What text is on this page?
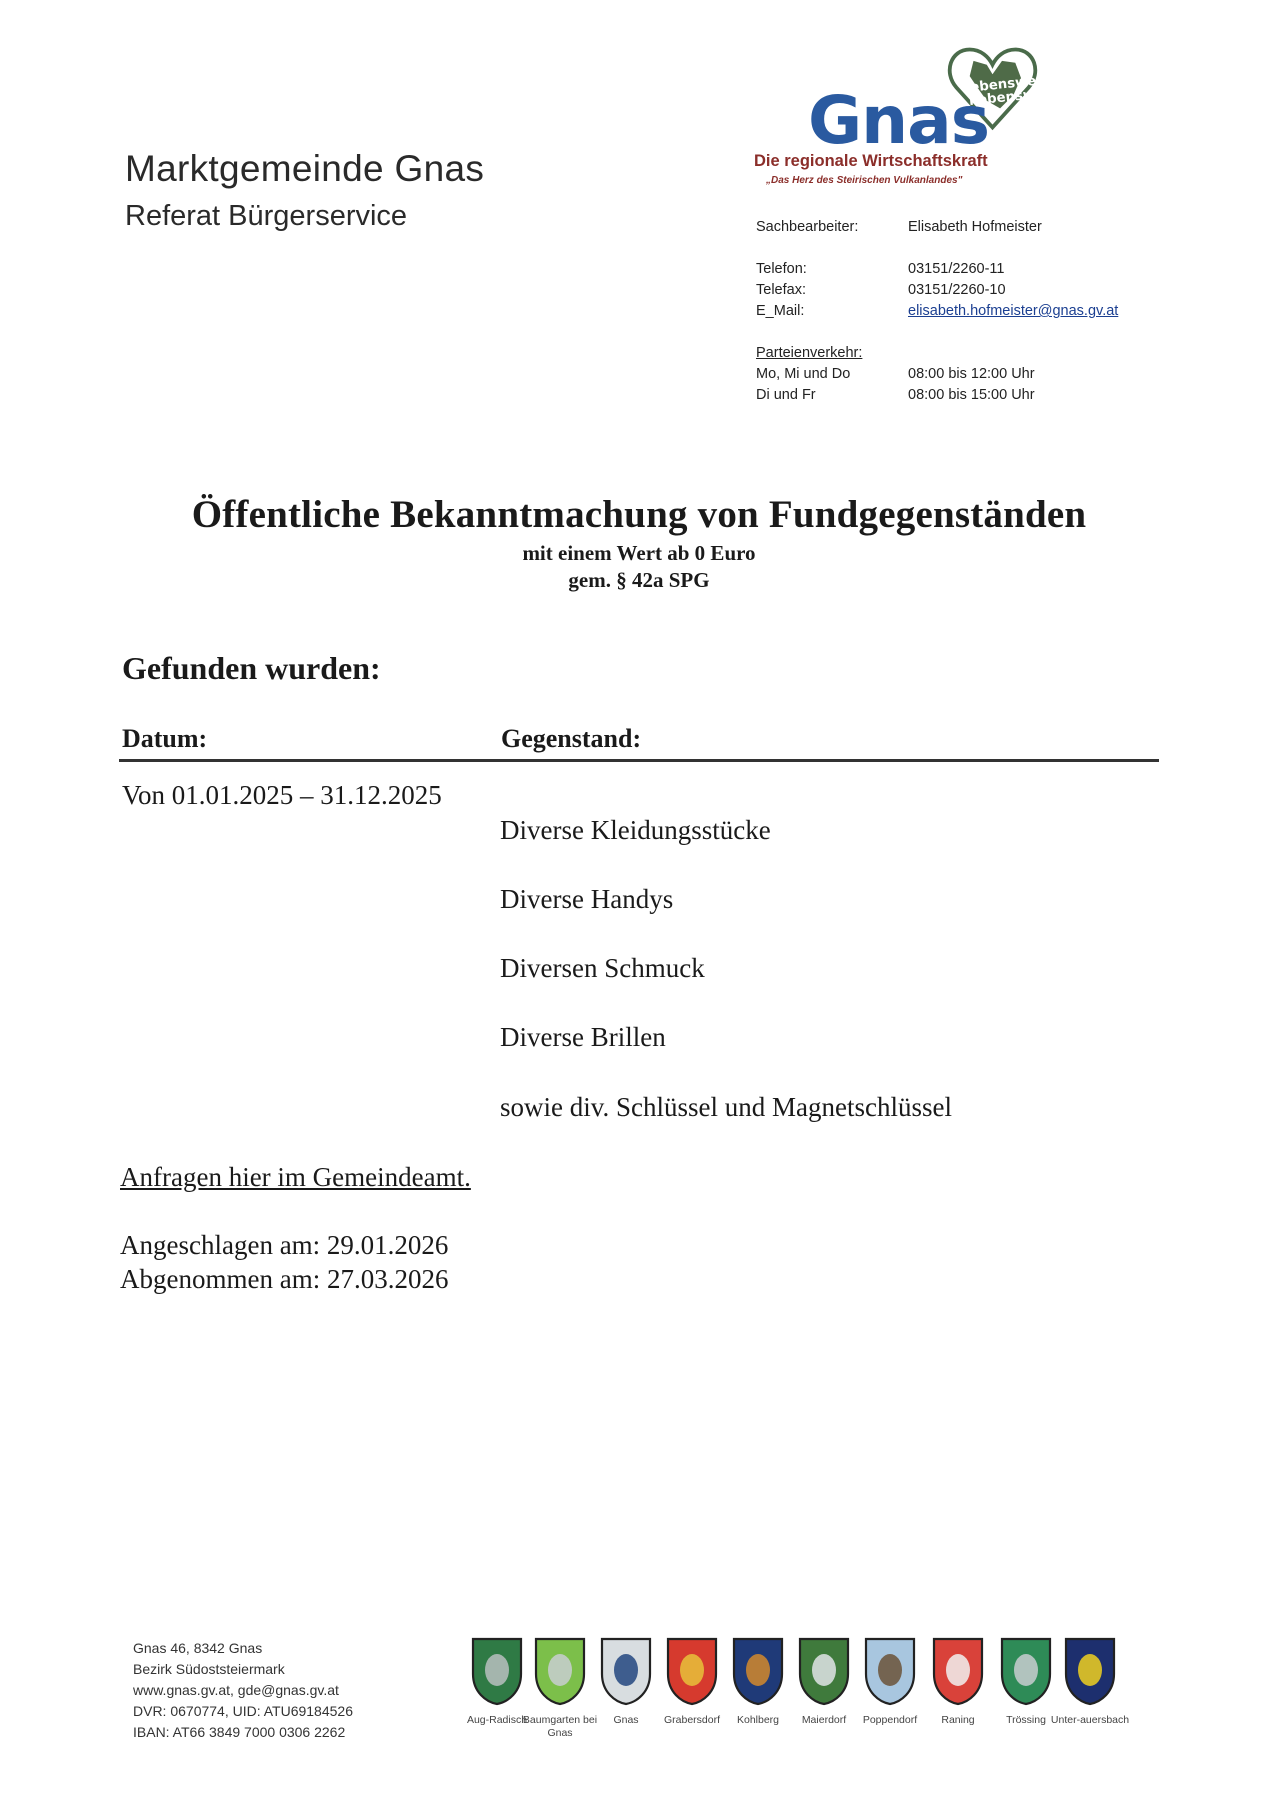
Marktgemeinde Gnas
Referat Bürgerservice
lebenswert
liebenswert
Gnas
Die regionale Wirtschaftskraft
„Das Herz des Steirischen Vulkanlandes"
Sachbearbeiter:	Elisabeth Hofmeister
Telefon:	03151/2260-11
Telefax:	03151/2260-10
E_Mail:	elisabeth.hofmeister@gnas.gv.at
Parteienverkehr:
Mo, Mi und Do	08:00 bis 12:00 Uhr
Di und Fr	08:00 bis 15:00 Uhr
Öffentliche Bekanntmachung von Fundgegenständen
mit einem Wert ab 0 Euro
gem. § 42a SPG
Gefunden wurden:
Datum:	Gegenstand:
Von 01.01.2025 – 31.12.2025
Diverse Kleidungsstücke
Diverse Handys
Diversen Schmuck
Diverse Brillen
sowie div. Schlüssel und Magnetschlüssel
Anfragen hier im Gemeindeamt.
Angeschlagen am: 29.01.2026
Abgenommen am: 27.03.2026
Gnas 46, 8342 Gnas
Bezirk Südoststeiermark
www.gnas.gv.at, gde@gnas.gv.at
DVR: 0670774, UID: ATU69184526
IBAN: AT66 3849 7000 0306 2262
Aug-Radisch
Baumgarten bei Gnas
Gnas	Grabersdorf	Kohlberg	Maierdorf	Poppendorf	Raning	Trössing Unter-auersbach
